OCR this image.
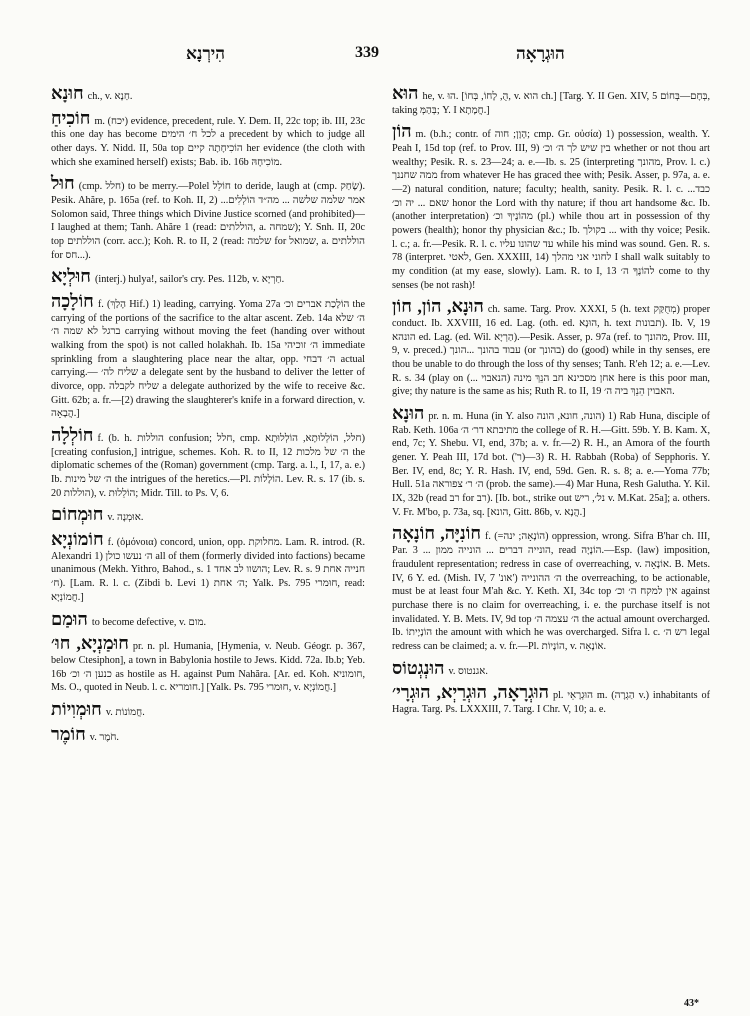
הִירְנָא	339	הוּגְרָאָה

חוּנָא ch., v. חַנָא.

חוֹכִיחַ m. (יכח) evidence, precedent, rule. Y. Dem. II, 22c top; ib. III, 23c this one day has become לכל ח׳ הימים a precedent by which to judge all other days. Y. Nidd. II, 50a top הוֹכִיחָתָה קיים her evidence (the cloth with which she examined herself) exists; Bab. ib. 16b מוֹכִיחָהּ.

חוּל (cmp. חלל) to be merry.—Polel חוֹלֵל to deride, laugh at (cmp. שָׂחַק). Pesik. Ahăre, p. 165a (ref. to Koh. II, 2) ...אמר שלמה שלשה ... מה״ד הוֹלְלִים Solomon said, Three things which Divine Justice scorned (and prohibited)—I laughed at them; Tanh. Ahăre 1 (read: הוללתים, a. שמחה); Y. Snh. II, 20c top הוללתים (corr. acc.); Koh. R. to II, 2 (read: שלמה for שמואל, a. הוללתים for חס...).

חוּלְיָא (interj.) hulya!, sailor's cry. Pes. 112b, v. חַרְיָא.

חוֹלָכָה f. (הָלַךְ Hif.) 1) leading, carrying. Yoma 27a הוֹלָכַת אברים וכ׳ the carrying of the portions of the sacrifice to the altar ascent. Zeb. 14a ה׳ שלא ברגל לא שמה ה׳ carrying without moving the feet (handing over without walking from the spot) is not called holakhah. Ib. 15a ה׳ זוכיהי immediate sprinkling from a slaughtering place near the altar, opp. ה׳ דבחי actual carrying.— שליח לה׳ a delegate sent by the husband to deliver the letter of divorce, opp. שליח לקבלה a delegate authorized by the wife to receive &c. Gitt. 62b; a. fr.—[2) drawing the slaughterer's knife in a forward direction, v. הֲבָאָה.]

חוֹלְלָה f. (b. h. הוללות confusion; חלל, cmp. חלל, הוֹלְלוּתָא, הוֹלְלוּתָא) [creating confusion,] intrigue, schemes. Koh. R. to II, 12 ה׳ של מלכות the diplomatic schemes of the (Roman) government (cmp. Targ. a. l., I, 17, a. e.) Ib. ה׳ של מינות the intrigues of the heretics.—Pl. הוֹלָלוֹת. Lev. R. s. 17 (ib. s. 20 הוללות), v. הוֹלֵלוּת; Midr. Till. to Ps. V, 6.

חוּמְחוֹם v. אוּמְנָה.

חוֹמוֹנְיָא f. (ὁμόνοια) concord, union, opp. מחלוקת. Lam. R. introd. (R. Alexandri 1) ה׳ נעשו כולן all of them (formerly divided into factions) became unanimous (Mekh. Yithro, Bahod., s. 1 הושוו לב אחד; Lev. R. s. 9 חנייה אחת ח׳). [Lam. R. l. c. (Zibdi b. Levi 1) ה׳ אחת; Yalk. Ps. 795 חוּמרי, read: חֲמוֹנְיָא.]

הוּמַם to become defective, v. מום.

חוּמַנְיָא, חוּ׳ pr. n. pl. Humania, [Hymenia, v. Neub. Géogr. p. 367, below Ctesiphon], a town in Babylonia hostile to Jews. Kidd. 72a. Ib.b; Yeb. 16b כנען ה׳ וכ׳ as hostile as H. against Pum Nahăra. [Ar. ed. Koh. חומוניא, Ms. O., quoted in Neub. l. c. חומריא.] [Yalk. Ps. 795 חוּמרי, v. חֲמוֹנְיָא.]

חוּמְוִיוֹת v. חֲמוֹנוֹת.

חוֹמֶר v. חֹמֶר.

הוּא he, v. הוּ. [הֻ, לָחוֹ, בְּחוֹ, v. הוא ch.] [Targ. Y. II Gen. XIV, 5 בְּחָם—בְּחוֹם, taking בְּהַמְּ; Y. I חֲמָתָא.]

הוֹן m. (b.h.; contr. of הָוָן; חוה; cmp. Gr. οὐσία) 1) possession, wealth. Y. Peah I, 15d top (ref. to Prov. III, 9) בין שיש לך ה׳ וכ׳ whether or not thou art wealthy; Pesik. R. s. 23—24; a. e.—Ib. s. 25 (interpreting מהונך, Prov. l. c.) ממה שחננך from whatever He has graced thee with; Pesik. Asser, p. 97a, a. e.—2) natural condition, nature; faculty; health, sanity. Pesik. R. l. c. ...כבד שאם ... יה וכ׳ honor the Lord with thy nature; if thou art handsome &c. Ib. (another interpretation) מהוֹנֶיךָ וכ׳ (pl.) while thou art in possession of thy powers (health); honor thy physician &c.; Ib. בקולך ... with thy voice; Pesik. l. c.; a. fr.—Pesik. R. l. c. עד שהונו עליו while his mind was sound. Gen. R. s. 78 (interpret. לאטי, Gen. XXXIII, 14) לחוני אני מהלך I shall walk suitably to my condition (at my ease, slowly). Lam. R. to I, 13 להוֹנֶךָ ה׳ come to thy senses (be not rash)!

הוּנָא, הוֹן, חוֹן ch. same. Targ. Prov. XXXI, 5 (h. text מְחֻקַּק) proper conduct. Ib. XXVIII, 16 ed. Lag. (oth. ed. הוּנָא, h. text תבונות). Ib. V, 19 הונהא ed. Lag. (ed. Wil. הַרְיָא).—Pesik. Asser, p. 97a (ref. to מהונך, Prov. III, 9, v. preced.) עבוד בהונך ...הונך (or בהונך) do (good) while in thy senses, ere thou be unable to do through the loss of thy senses; Tanh. R'eh 12; a. e.—Lev. R. s. 34 (play on אחן מסכינא חב הנֵךְ מינה (הנאבוי ...) here is this poor man, give; thy nature is the same as his; Ruth R. to II, 19 האבוין הֵנֵךְ ביה ה׳.

הוּנָא pr. n. m. Huna (in Y. also הונה, חונא, הונה) 1) Rab Huna, disciple of Rab. Keth. 106a מתיבתא דר׳ ה׳ the college of R. H.—Gitt. 59b. Y. B. Kam. X, end, 7c; Y. Shebu. VI, end, 37b; a. v. fr.—2) R. H., an Amora of the fourth gener. Y. Peah III, 17d bot. ('ר)—3) R. H. Rabbah (Roba) of Sepphoris. Y. Ber. IV, end, 8c; Y. R. Hash. IV, end, 59d. Gen. R. s. 8; a. e.—Yoma 77b; Hull. 51a ה׳ ר׳ צפוראה (prob. the same).—4) Mar Huna, Resh Galutha. Y. Kil. IX, 32b (read רב for רב). [Ib. bot., strike out נל׳, ריש v. M.Kat. 25a]; a. others. V. Fr. M'bo, p. 73a, sq. [הונא, Gitt. 86b, v. הֲנָא.]

חוֹנִיָּה, חוֹנָאָה f. (=הוֹנָאָה; ינה) oppression, wrong. Sifra B'har ch. III, Par. 3 ... הונייה דברים ... הונייה ממון, read הוֹנָיָה.—Esp. (law) imposition, fraudulent representation; redress in case of overreaching, v. אוֹנָאָה. B. Mets. IV, 6 Y. ed. (Mish. IV, 7 'אונ') ה׳ ההונייה the overreaching, to be actionable, must be at least four M'ah &c. Y. Keth. XI, 34c top אין למקח ה׳ וכ׳ against purchase there is no claim for overreaching, i. e. the purchase itself is not invalidated. Y. B. Mets. IV, 9d top ה׳ עצמה ה׳ the actual amount overcharged. Ib. הוֹנָיָיתוֹ the amount with which he was overcharged. Sifra l. c. רש ה׳ legal redress can be claimed; a. v. fr.—Pl. הוֹנָיוֹת, v. אוֹנָאָה.

הוּנְגְטוֹס v. אגנטוס.

הוּגְרָאָה, הוּגְרַיְא, הוּגְרָי׳ pl. הוּגְרָאֵי m. (הַגְרָה v.) inhabitants of Hagra. Targ. Ps. LXXXIII, 7. Targ. I Chr. V, 10; a. e.

43*
